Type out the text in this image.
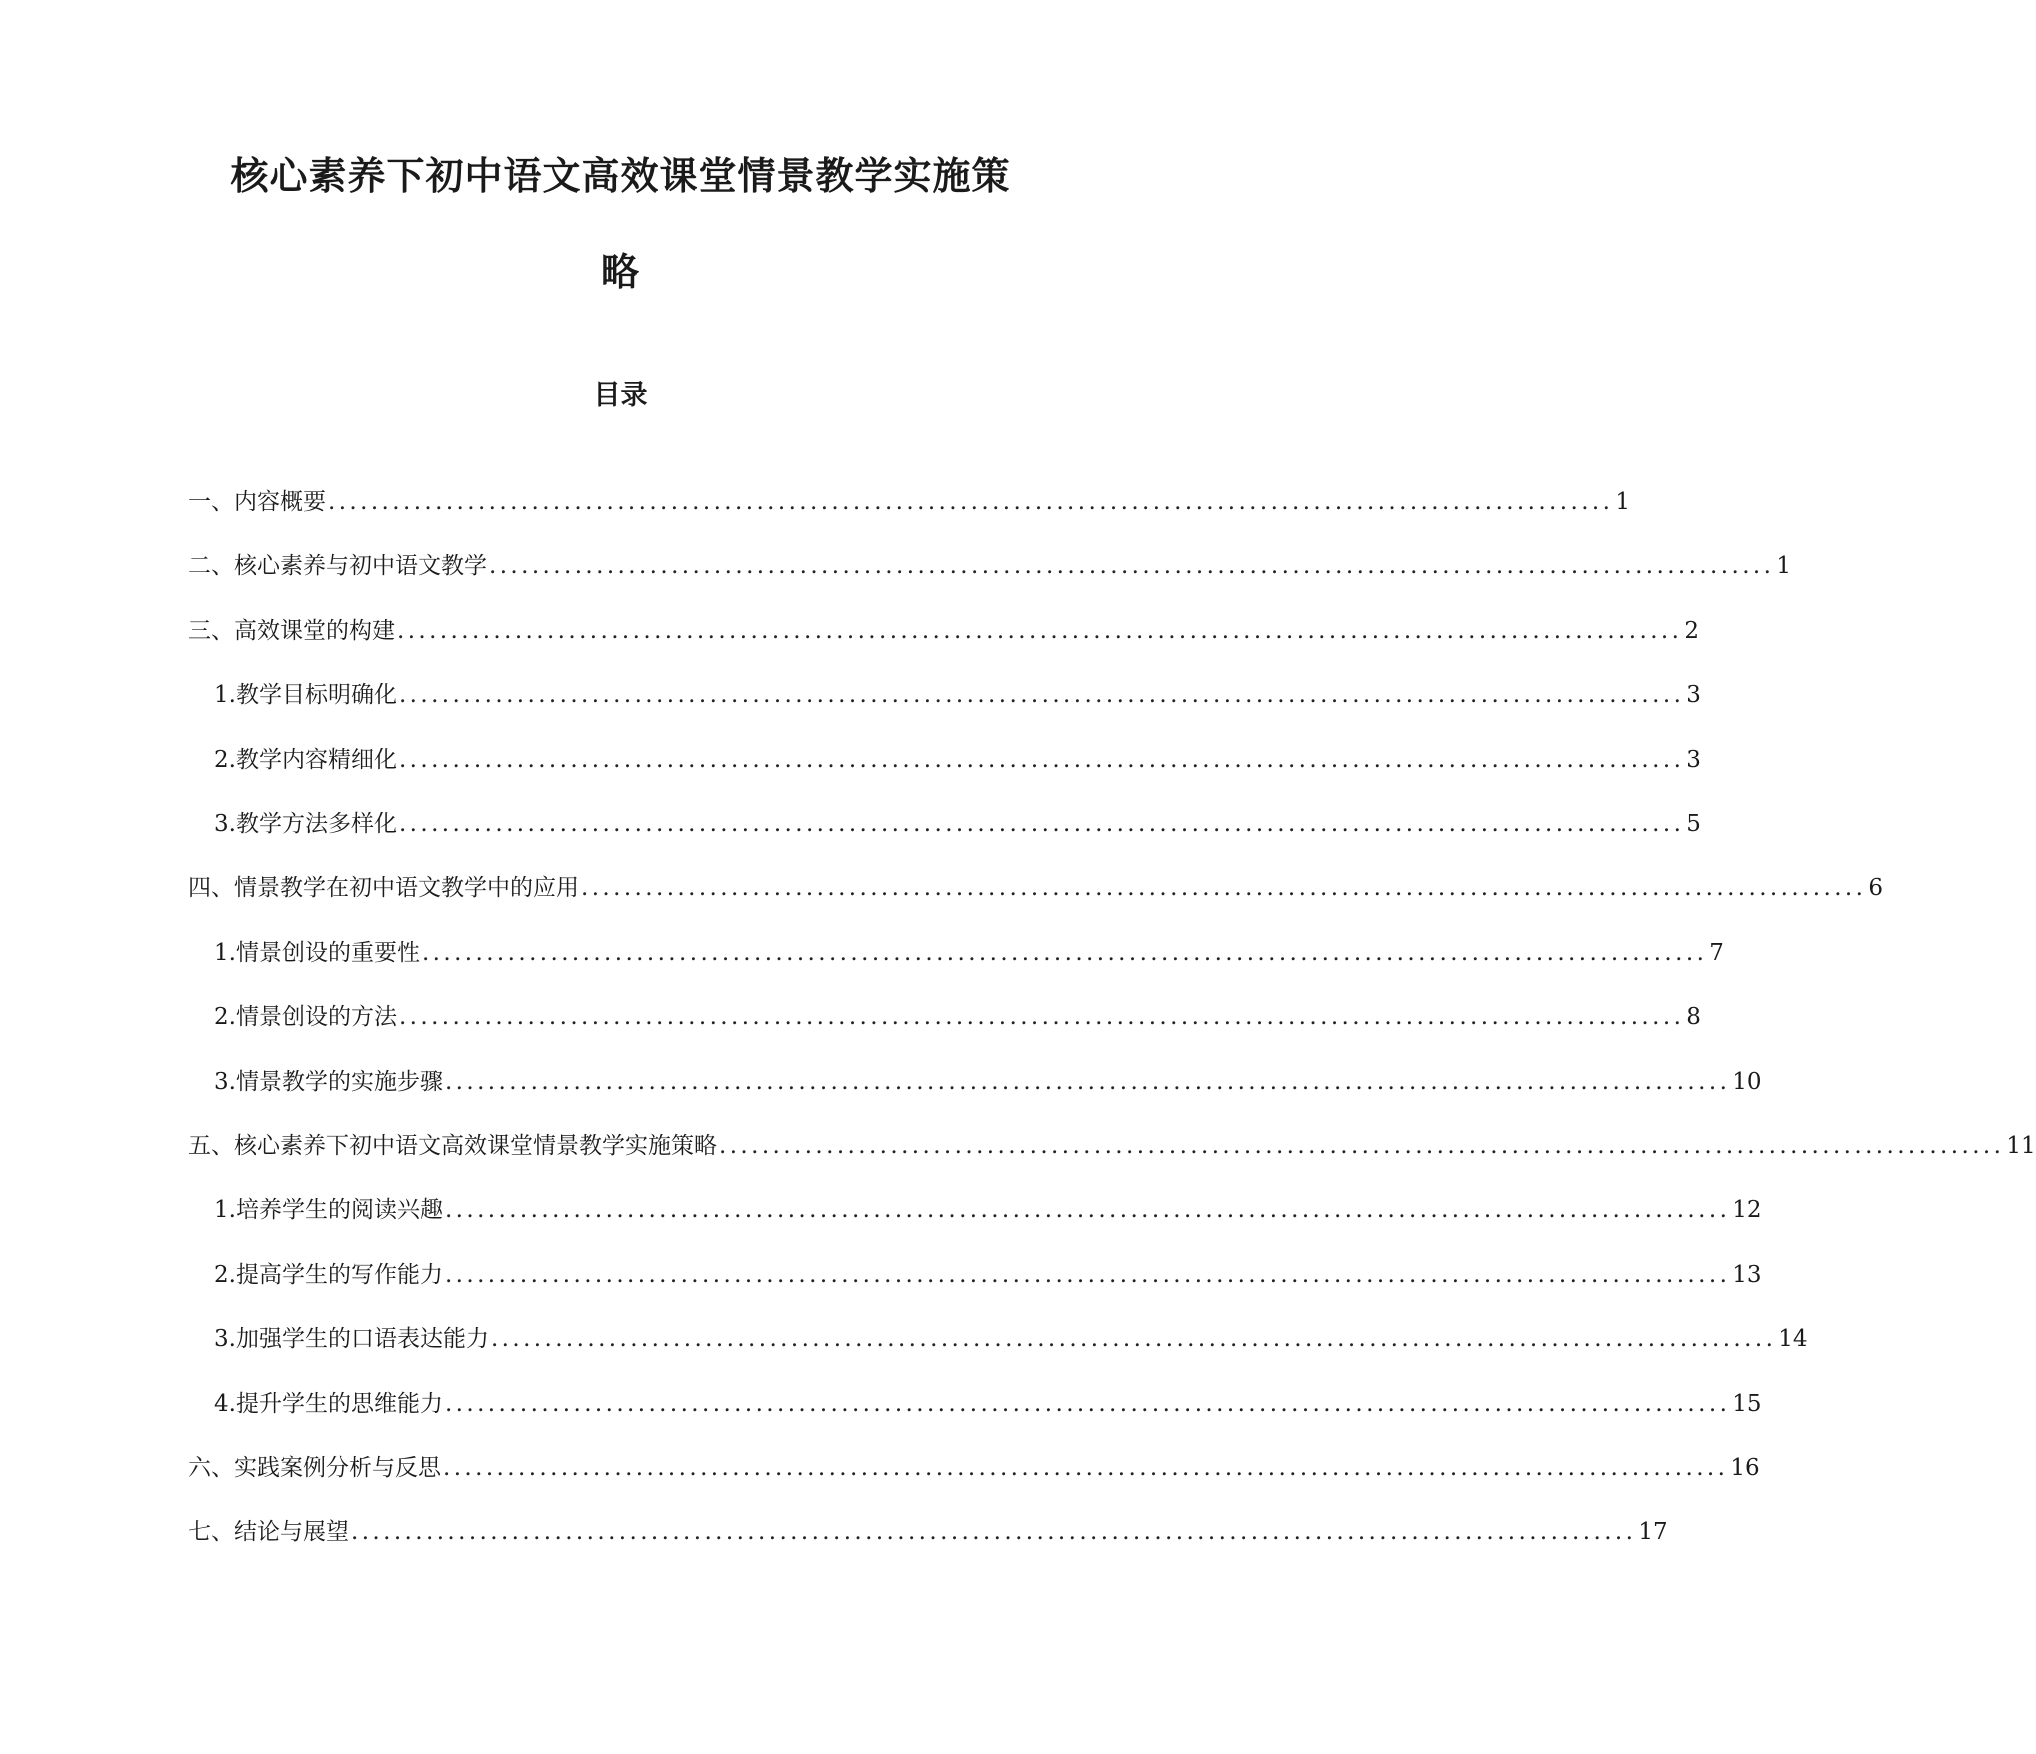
核心素养下初中语文高效课堂情景教学实施策
略
目录
一、内容概要 ........................................................................................................................ 1
二、核心素养与初中语文教学 ........................................................................................................................ 1
三、高效课堂的构建 ........................................................................................................................ 2
1. 教学目标明确化 ........................................................................................................................ 3
2. 教学内容精细化 ........................................................................................................................ 3
3. 教学方法多样化 ........................................................................................................................ 5
四、情景教学在初中语文教学中的应用 ........................................................................................................................ 6
1. 情景创设的重要性 ........................................................................................................................ 7
2. 情景创设的方法 ........................................................................................................................ 8
3. 情景教学的实施步骤 ........................................................................................................................ 10
五、核心素养下初中语文高效课堂情景教学实施策略 ........................................................................................................................ 11
1. 培养学生的阅读兴趣 ........................................................................................................................ 12
2. 提高学生的写作能力 ........................................................................................................................ 13
3. 加强学生的口语表达能力 ........................................................................................................................ 14
4. 提升学生的思维能力 ........................................................................................................................ 15
六、实践案例分析与反思 ........................................................................................................................ 16
七、结论与展望 ........................................................................................................................ 17
